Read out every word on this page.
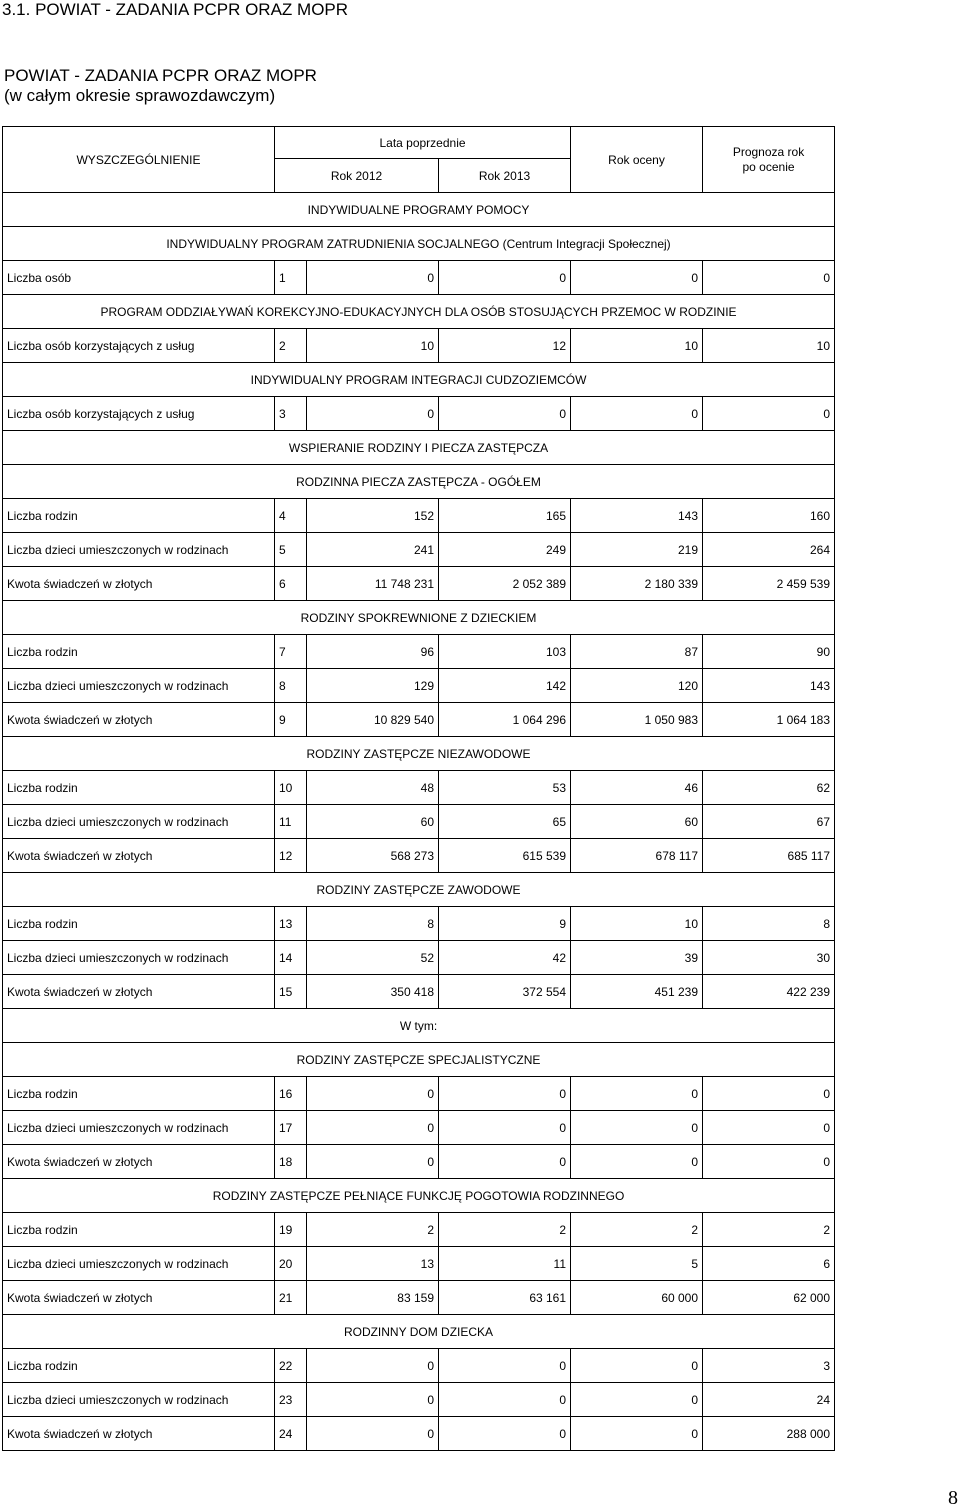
3.1. POWIAT - ZADANIA PCPR ORAZ MOPR
POWIAT - ZADANIA PCPR ORAZ MOPR
(w całym okresie sprawozdawczym)
WYSZCZEGÓLNIENIE	Lata poprzednie			Rok oceny	Prognoza rok
po ocenie
	Rok 2012		Rok 2013		
INDYWIDUALNE PROGRAMY POMOCY					
INDYWIDUALNY PROGRAM ZATRUDNIENIA SOCJALNEGO (Centrum Integracji Społecznej)					
Liczba osób	1	0	0	0	0
PROGRAM ODDZIAŁYWAŃ KOREKCYJNO-EDUKACYJNYCH DLA OSÓB STOSUJĄCYCH PRZEMOC W RODZINIE					
Liczba osób korzystających z usług	2	10	12	10	10
INDYWIDUALNY PROGRAM INTEGRACJI CUDZOZIEMCÓW					
Liczba osób korzystających z usług	3	0	0	0	0
WSPIERANIE RODZINY I PIECZA ZASTĘPCZA					
RODZINNA PIECZA ZASTĘPCZA - OGÓŁEM					
Liczba rodzin	4	152	165	143	160
Liczba dzieci umieszczonych w rodzinach	5	241	249	219	264
Kwota świadczeń w złotych	6	11 748 231	2 052 389	2 180 339	2 459 539
RODZINY SPOKREWNIONE Z DZIECKIEM					
Liczba rodzin	7	96	103	87	90
Liczba dzieci umieszczonych w rodzinach	8	129	142	120	143
Kwota świadczeń w złotych	9	10 829 540	1 064 296	1 050 983	1 064 183
RODZINY ZASTĘPCZE NIEZAWODOWE					
Liczba rodzin	10	48	53	46	62
Liczba dzieci umieszczonych w rodzinach	11	60	65	60	67
Kwota świadczeń w złotych	12	568 273	615 539	678 117	685 117
RODZINY ZASTĘPCZE ZAWODOWE					
Liczba rodzin	13	8	9	10	8
Liczba dzieci umieszczonych w rodzinach	14	52	42	39	30
Kwota świadczeń w złotych	15	350 418	372 554	451 239	422 239
W tym:					
RODZINY ZASTĘPCZE SPECJALISTYCZNE					
Liczba rodzin	16	0	0	0	0
Liczba dzieci umieszczonych w rodzinach	17	0	0	0	0
Kwota świadczeń w złotych	18	0	0	0	0
RODZINY ZASTĘPCZE PEŁNIĄCE FUNKCJĘ POGOTOWIA RODZINNEGO					
Liczba rodzin	19	2	2	2	2
Liczba dzieci umieszczonych w rodzinach	20	13	11	5	6
Kwota świadczeń w złotych	21	83 159	63 161	60 000	62 000
RODZINNY DOM DZIECKA					
Liczba rodzin	22	0	0	0	3
Liczba dzieci umieszczonych w rodzinach	23	0	0	0	24
Kwota świadczeń w złotych	24	0	0	0	288 000
8
